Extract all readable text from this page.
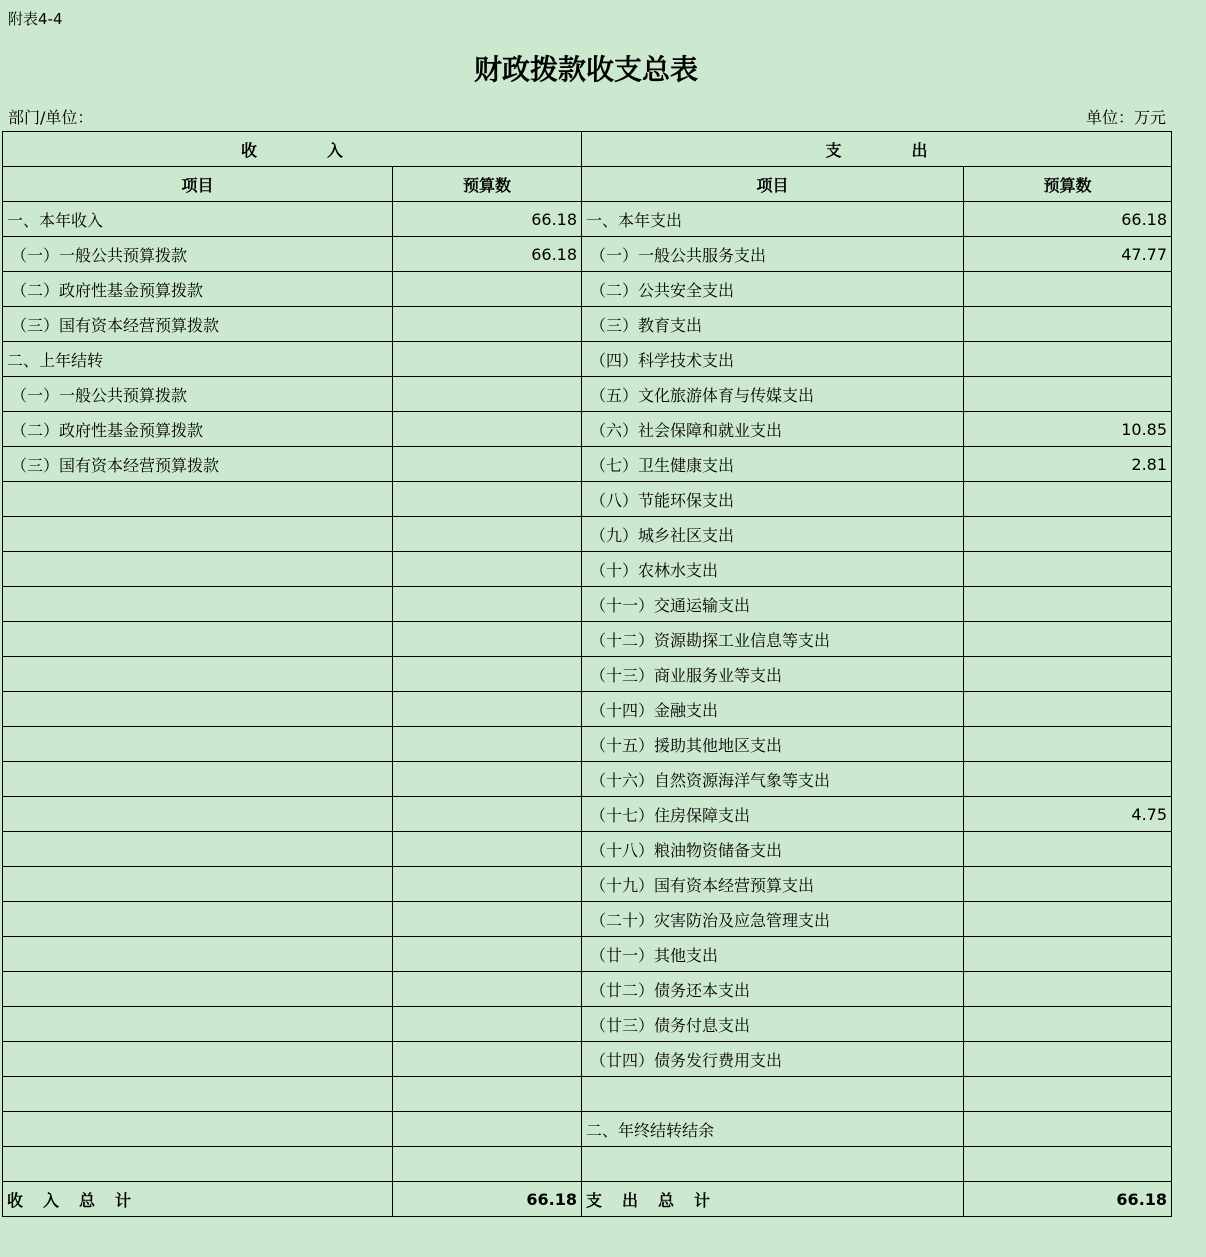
附表4-4
财政拨款收支总表
部门/单位：	单位：万元
收入		支出	
项目	预算数	项目	预算数
一、本年收入	66.18	一、本年支出	66.18
（一）一般公共预算拨款	66.18	（一）一般公共服务支出	47.77
（二）政府性基金预算拨款		（二）公共安全支出	
（三）国有资本经营预算拨款		（三）教育支出	
二、上年结转		（四）科学技术支出	
（一）一般公共预算拨款		（五）文化旅游体育与传媒支出	
（二）政府性基金预算拨款		（六）社会保障和就业支出	10.85
（三）国有资本经营预算拨款		（七）卫生健康支出	2.81
		（八）节能环保支出	
		（九）城乡社区支出	
		（十）农林水支出	
		（十一）交通运输支出	
		（十二）资源勘探工业信息等支出	
		（十三）商业服务业等支出	
		（十四）金融支出	
		（十五）援助其他地区支出	
		（十六）自然资源海洋气象等支出	
		（十七）住房保障支出	4.75
		（十八）粮油物资储备支出	
		（十九）国有资本经营预算支出	
		（二十）灾害防治及应急管理支出	
		（廿一）其他支出	
		（廿二）债务还本支出	
		（廿三）债务付息支出	
		（廿四）债务发行费用支出	

		二、年终结转结余	

收入总计	66.18	支出总计	66.18
